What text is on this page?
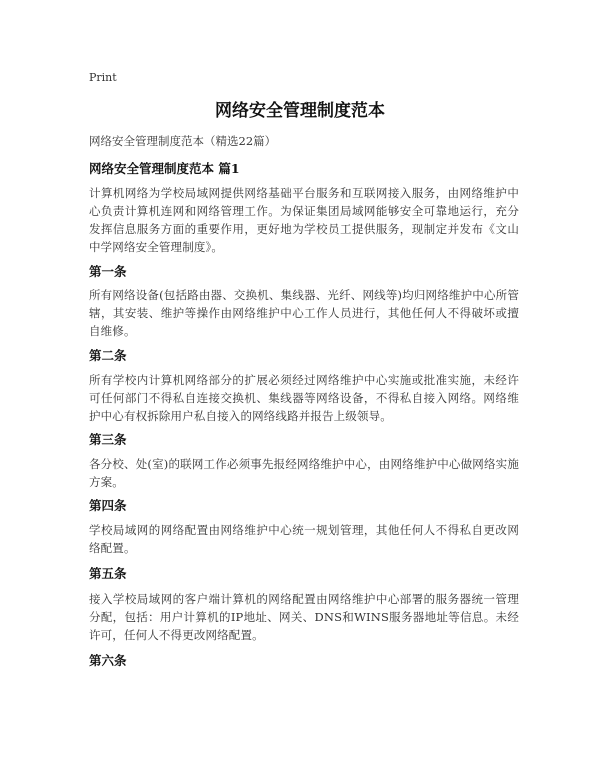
Print
网络安全管理制度范本
网络安全管理制度范本（精选22篇）
网络安全管理制度范本 篇1
计算机网络为学校局域网提供网络基础平台服务和互联网接入服务，由网络维护中心负责计算机连网和网络管理工作。为保证集团局域网能够安全可靠地运行，充分发挥信息服务方面的重要作用，更好地为学校员工提供服务，现制定并发布《文山中学网络安全管理制度》。
第一条
所有网络设备(包括路由器、交换机、集线器、光纤、网线等)均归网络维护中心所管辖，其安装、维护等操作由网络维护中心工作人员进行，其他任何人不得破坏或擅自维修。
第二条
所有学校内计算机网络部分的扩展必须经过网络维护中心实施或批准实施，未经许可任何部门不得私自连接交换机、集线器等网络设备，不得私自接入网络。网络维护中心有权拆除用户私自接入的网络线路并报告上级领导。
第三条
各分校、处(室)的联网工作必须事先报经网络维护中心，由网络维护中心做网络实施方案。
第四条
学校局域网的网络配置由网络维护中心统一规划管理，其他任何人不得私自更改网络配置。
第五条
接入学校局域网的客户端计算机的网络配置由网络维护中心部署的服务器统一管理分配，包括：用户计算机的IP地址、网关、DNS和WINS服务器地址等信息。未经许可，任何人不得更改网络配置。
第六条
